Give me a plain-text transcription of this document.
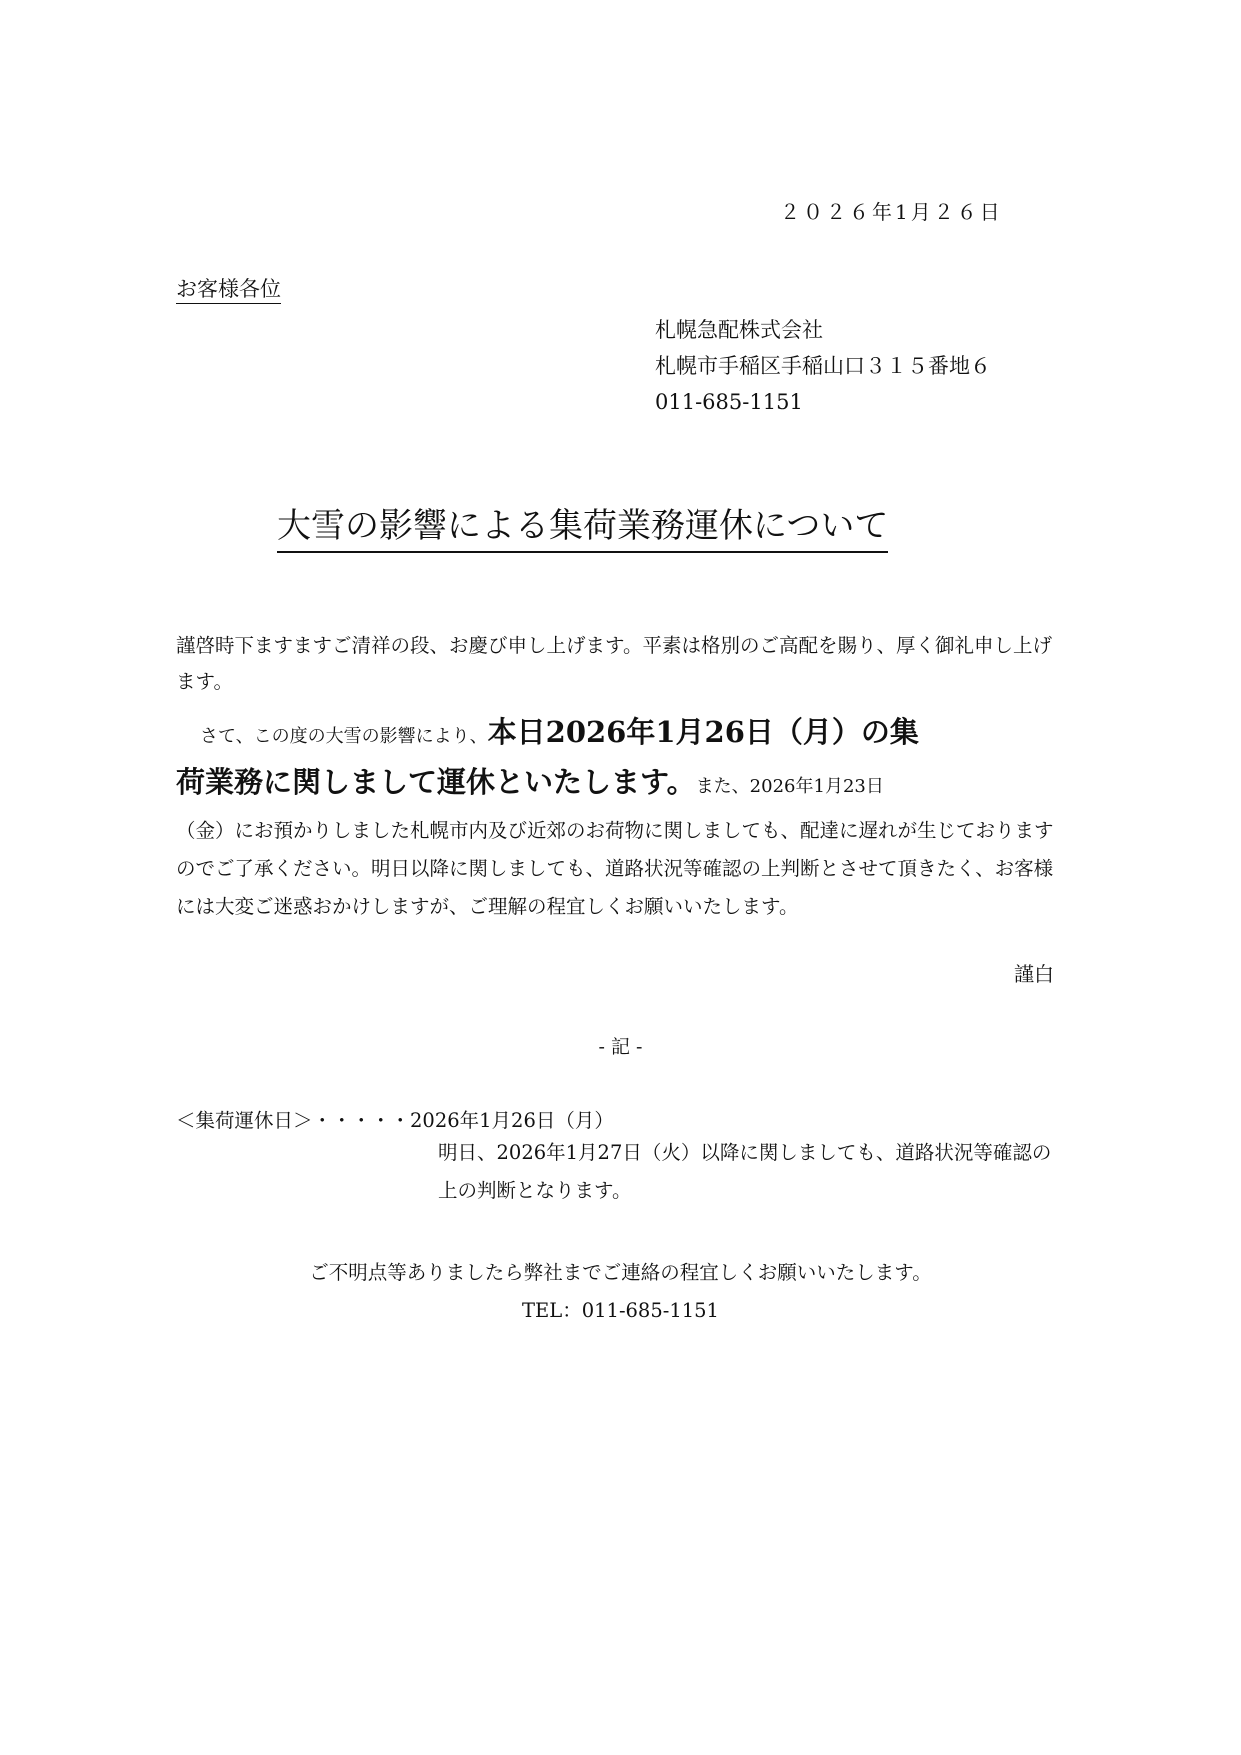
２０２６年1月２６日
お客様各位
札幌急配株式会社
札幌市手稲区手稲山口３１５番地６
011-685-1151
大雪の影響による集荷業務運休について
謹啓時下ますますご清祥の段、お慶び申し上げます。平素は格別のご高配を賜り、厚く御礼申し上げます。
さて、この度の大雪の影響により、本日2026年1月26日（月）の集
荷業務に関しまして運休といたします。また、2026年1月23日
（金）にお預かりしました札幌市内及び近郊のお荷物に関しましても、配達に遅れが生じておりますのでご了承ください。明日以降に関しましても、道路状況等確認の上判断とさせて頂きたく、お客様には大変ご迷惑おかけしますが、ご理解の程宜しくお願いいたします。
謹白
- 記 -
＜集荷運休日＞・・・・・2026年1月26日（月）
明日、2026年1月27日（火）以降に関しましても、道路状況等確認の上の判断となります。
ご不明点等ありましたら弊社までご連絡の程宜しくお願いいたします。
TEL：011-685-1151
